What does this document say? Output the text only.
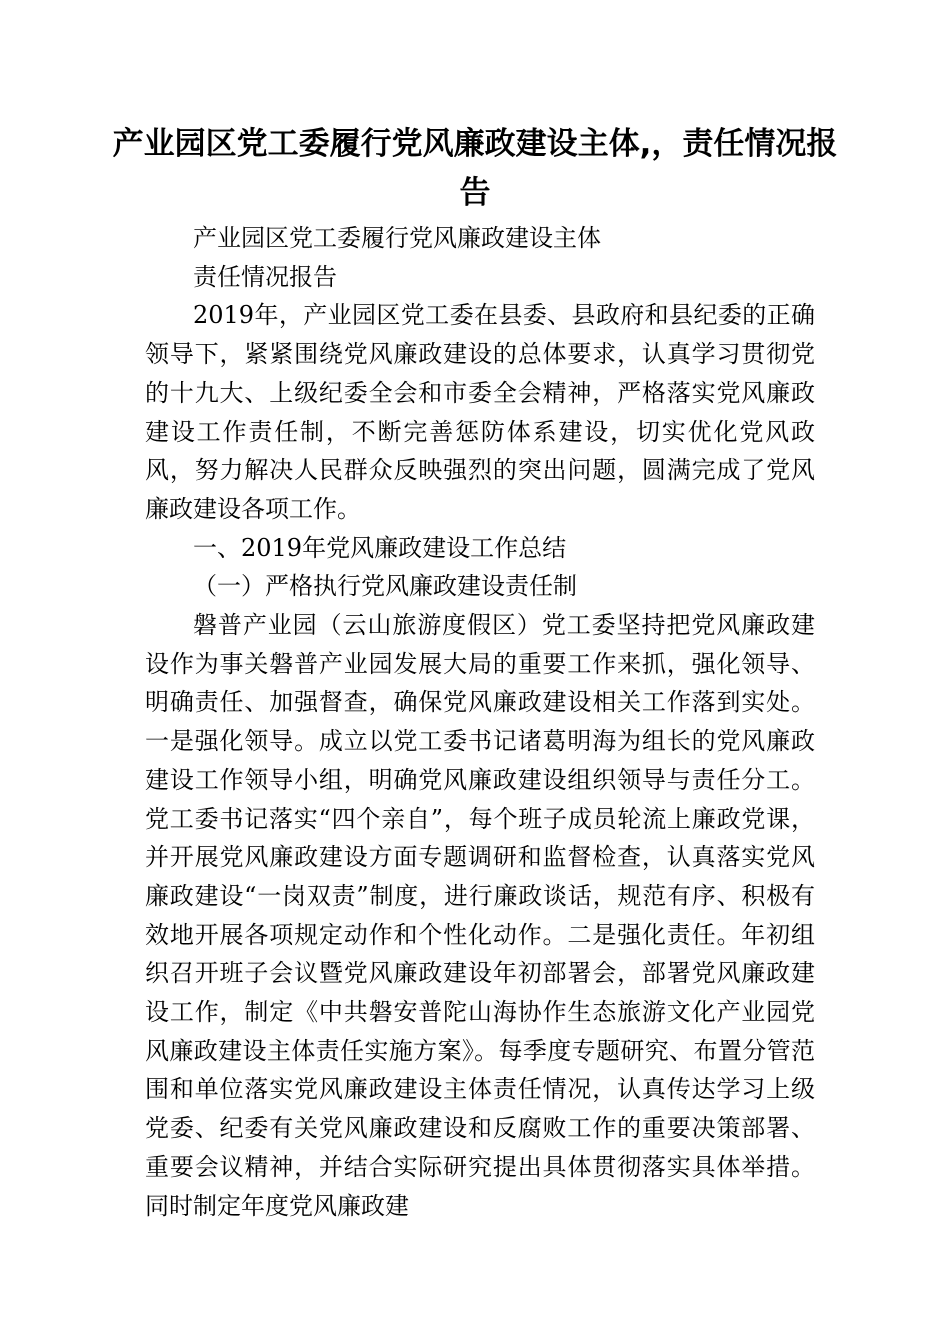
产业园区党工委履行党风廉政建设主体,，责任情况报告

产业园区党工委履行党风廉政建设主体

责任情况报告

2019年，产业园区党工委在县委、县政府和县纪委的正确领导下，紧紧围绕党风廉政建设的总体要求，认真学习贯彻党的十九大、上级纪委全会和市委全会精神，严格落实党风廉政建设工作责任制，不断完善惩防体系建设，切实优化党风政风，努力解决人民群众反映强烈的突出问题，圆满完成了党风廉政建设各项工作。

一、2019年党风廉政建设工作总结

（一）严格执行党风廉政建设责任制

磐普产业园（云山旅游度假区）党工委坚持把党风廉政建设作为事关磐普产业园发展大局的重要工作来抓，强化领导、明确责任、加强督查，确保党风廉政建设相关工作落到实处。一是强化领导。成立以党工委书记诸葛明海为组长的党风廉政建设工作领导小组，明确党风廉政建设组织领导与责任分工。党工委书记落实“四个亲自”，每个班子成员轮流上廉政党课，并开展党风廉政建设方面专题调研和监督检查，认真落实党风廉政建设“一岗双责”制度，进行廉政谈话，规范有序、积极有效地开展各项规定动作和个性化动作。二是强化责任。年初组织召开班子会议暨党风廉政建设年初部署会，部署党风廉政建设工作，制定《中共磐安普陀山海协作生态旅游文化产业园党风廉政建设主体责任实施方案》。每季度专题研究、布置分管范围和单位落实党风廉政建设主体责任情况，认真传达学习上级党委、纪委有关党风廉政建设和反腐败工作的重要决策部署、重要会议精神，并结合实际研究提出具体贯彻落实具体举措。同时制定年度党风廉政建
